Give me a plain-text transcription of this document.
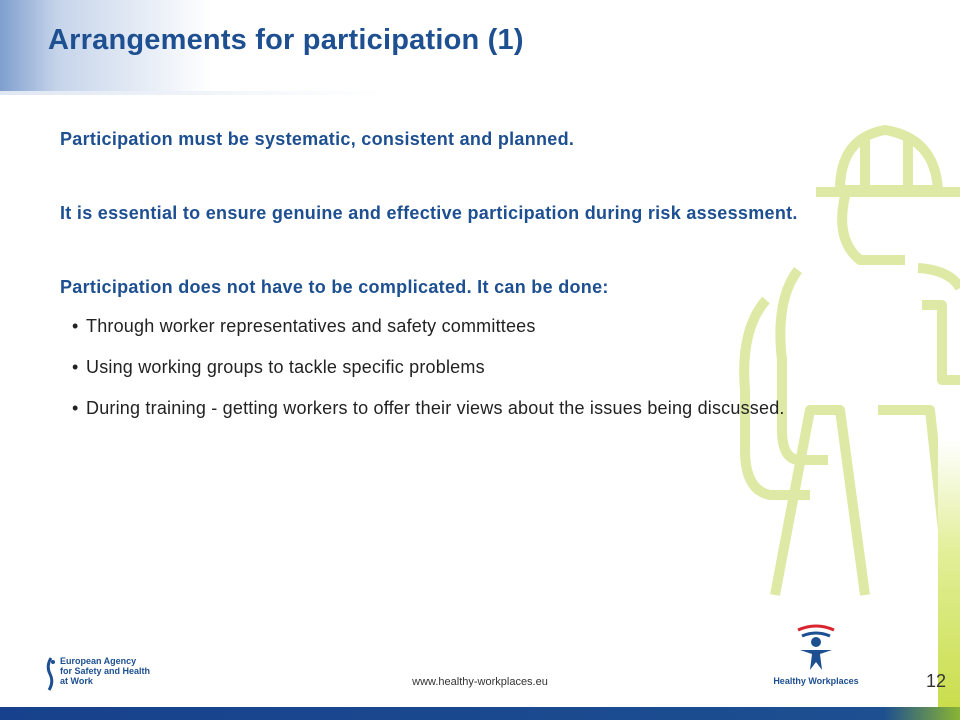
Arrangements for participation (1)

Participation must be systematic, consistent and planned.

It is essential to ensure genuine and effective participation during risk assessment.

Participation does not have to be complicated. It can be done:

• Through worker representatives and safety committees
• Using working groups to tackle specific problems
• During training - getting workers to offer their views about the issues being discussed.
European Agency
for Safety and Health
at Work	www.healthy-workplaces.eu	Healthy Workplaces	12
